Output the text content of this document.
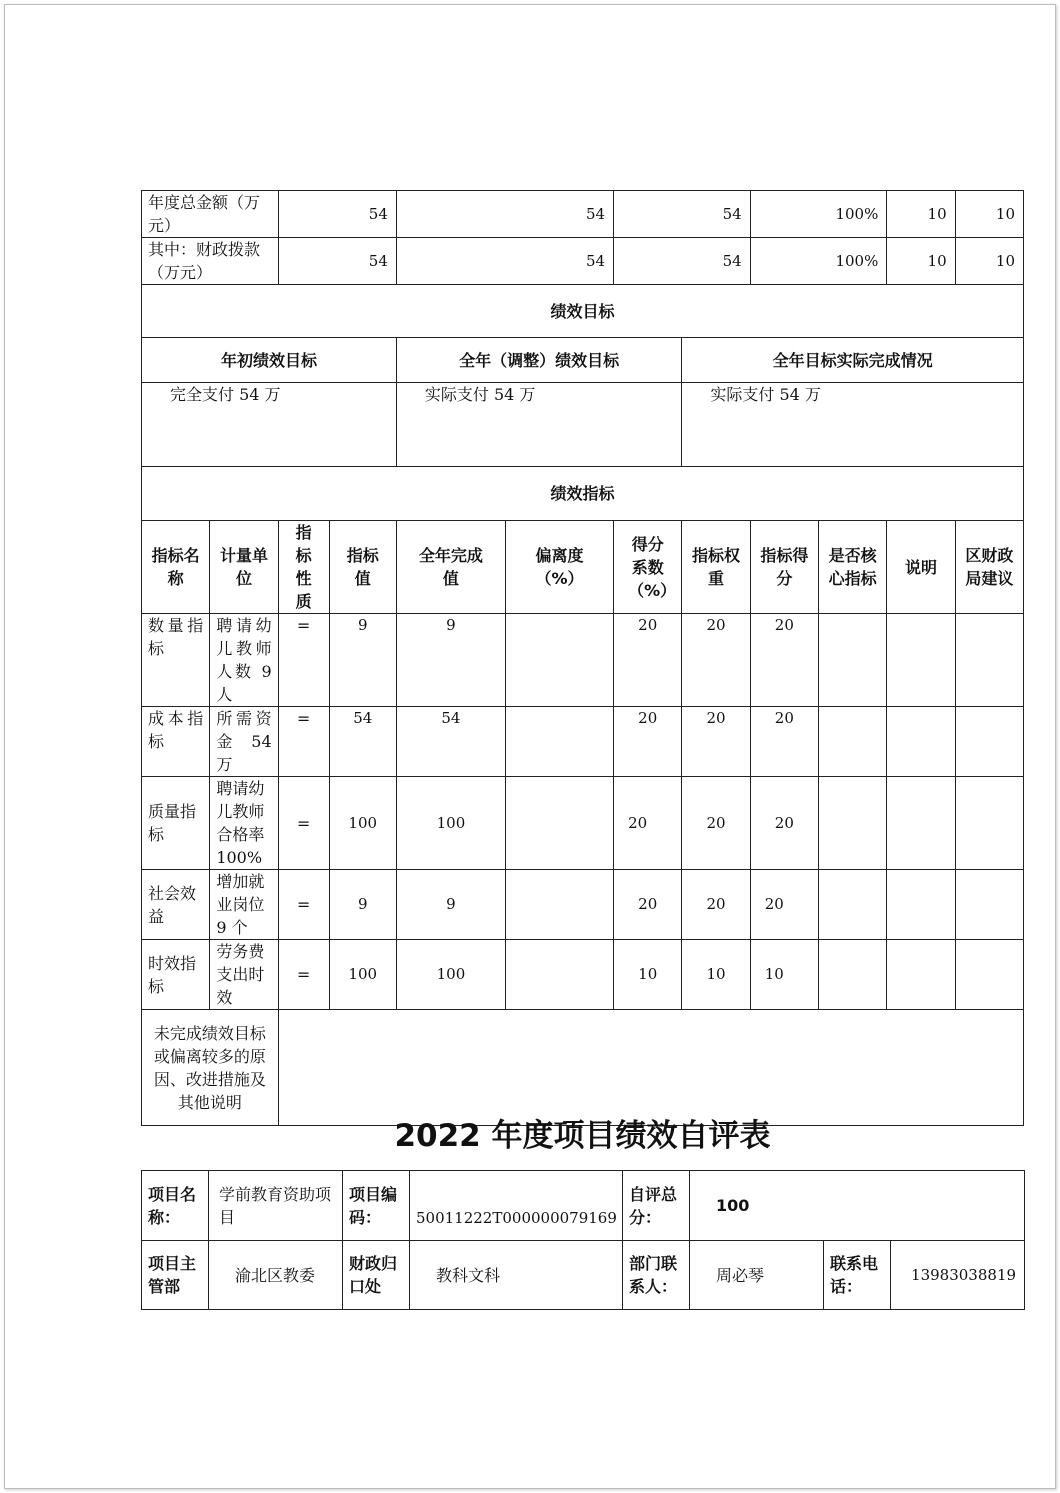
年度总金额（万元）		54		54		54		100%		10	10
其中：财政拨款（万元）		54		54		54		100%		10	10
绩效目标											
年初绩效目标				全年（调整）绩效目标			全年目标实际完成情况				
完全支付 54 万				实际支付 54 万			实际支付 54 万				
绩效指标											
指标名称	计量单位	指标性质	指标值	全年完成值	偏离度（%）	得分系数（%）	指标权重	指标得分	是否核心指标	说明	区财政局建议
数量指标	聘请幼儿教师人数 9 人	=	9	9		20	20	20			
成本指标	所需资金 54 万	=	54	54		20	20	20			
质量指标	聘请幼儿教师合格率 100%	=	100	100		20	20	20			
社会效益	增加就业岗位 9 个	=	9	9		20	20	20			
时效指标	劳务费支出时效	=	100	100		10	10	10			
未完成绩效目标或偏离较多的原因、改进措施及其他说明											
2022 年度项目绩效自评表
项目名称：	学前教育资助项目	项目编码：	50011222T000000079169	自评总分：	100		
项目主管部	渝北区教委	财政归口处	教科文科	部门联系人：	周必琴	联系电话：	13983038819
